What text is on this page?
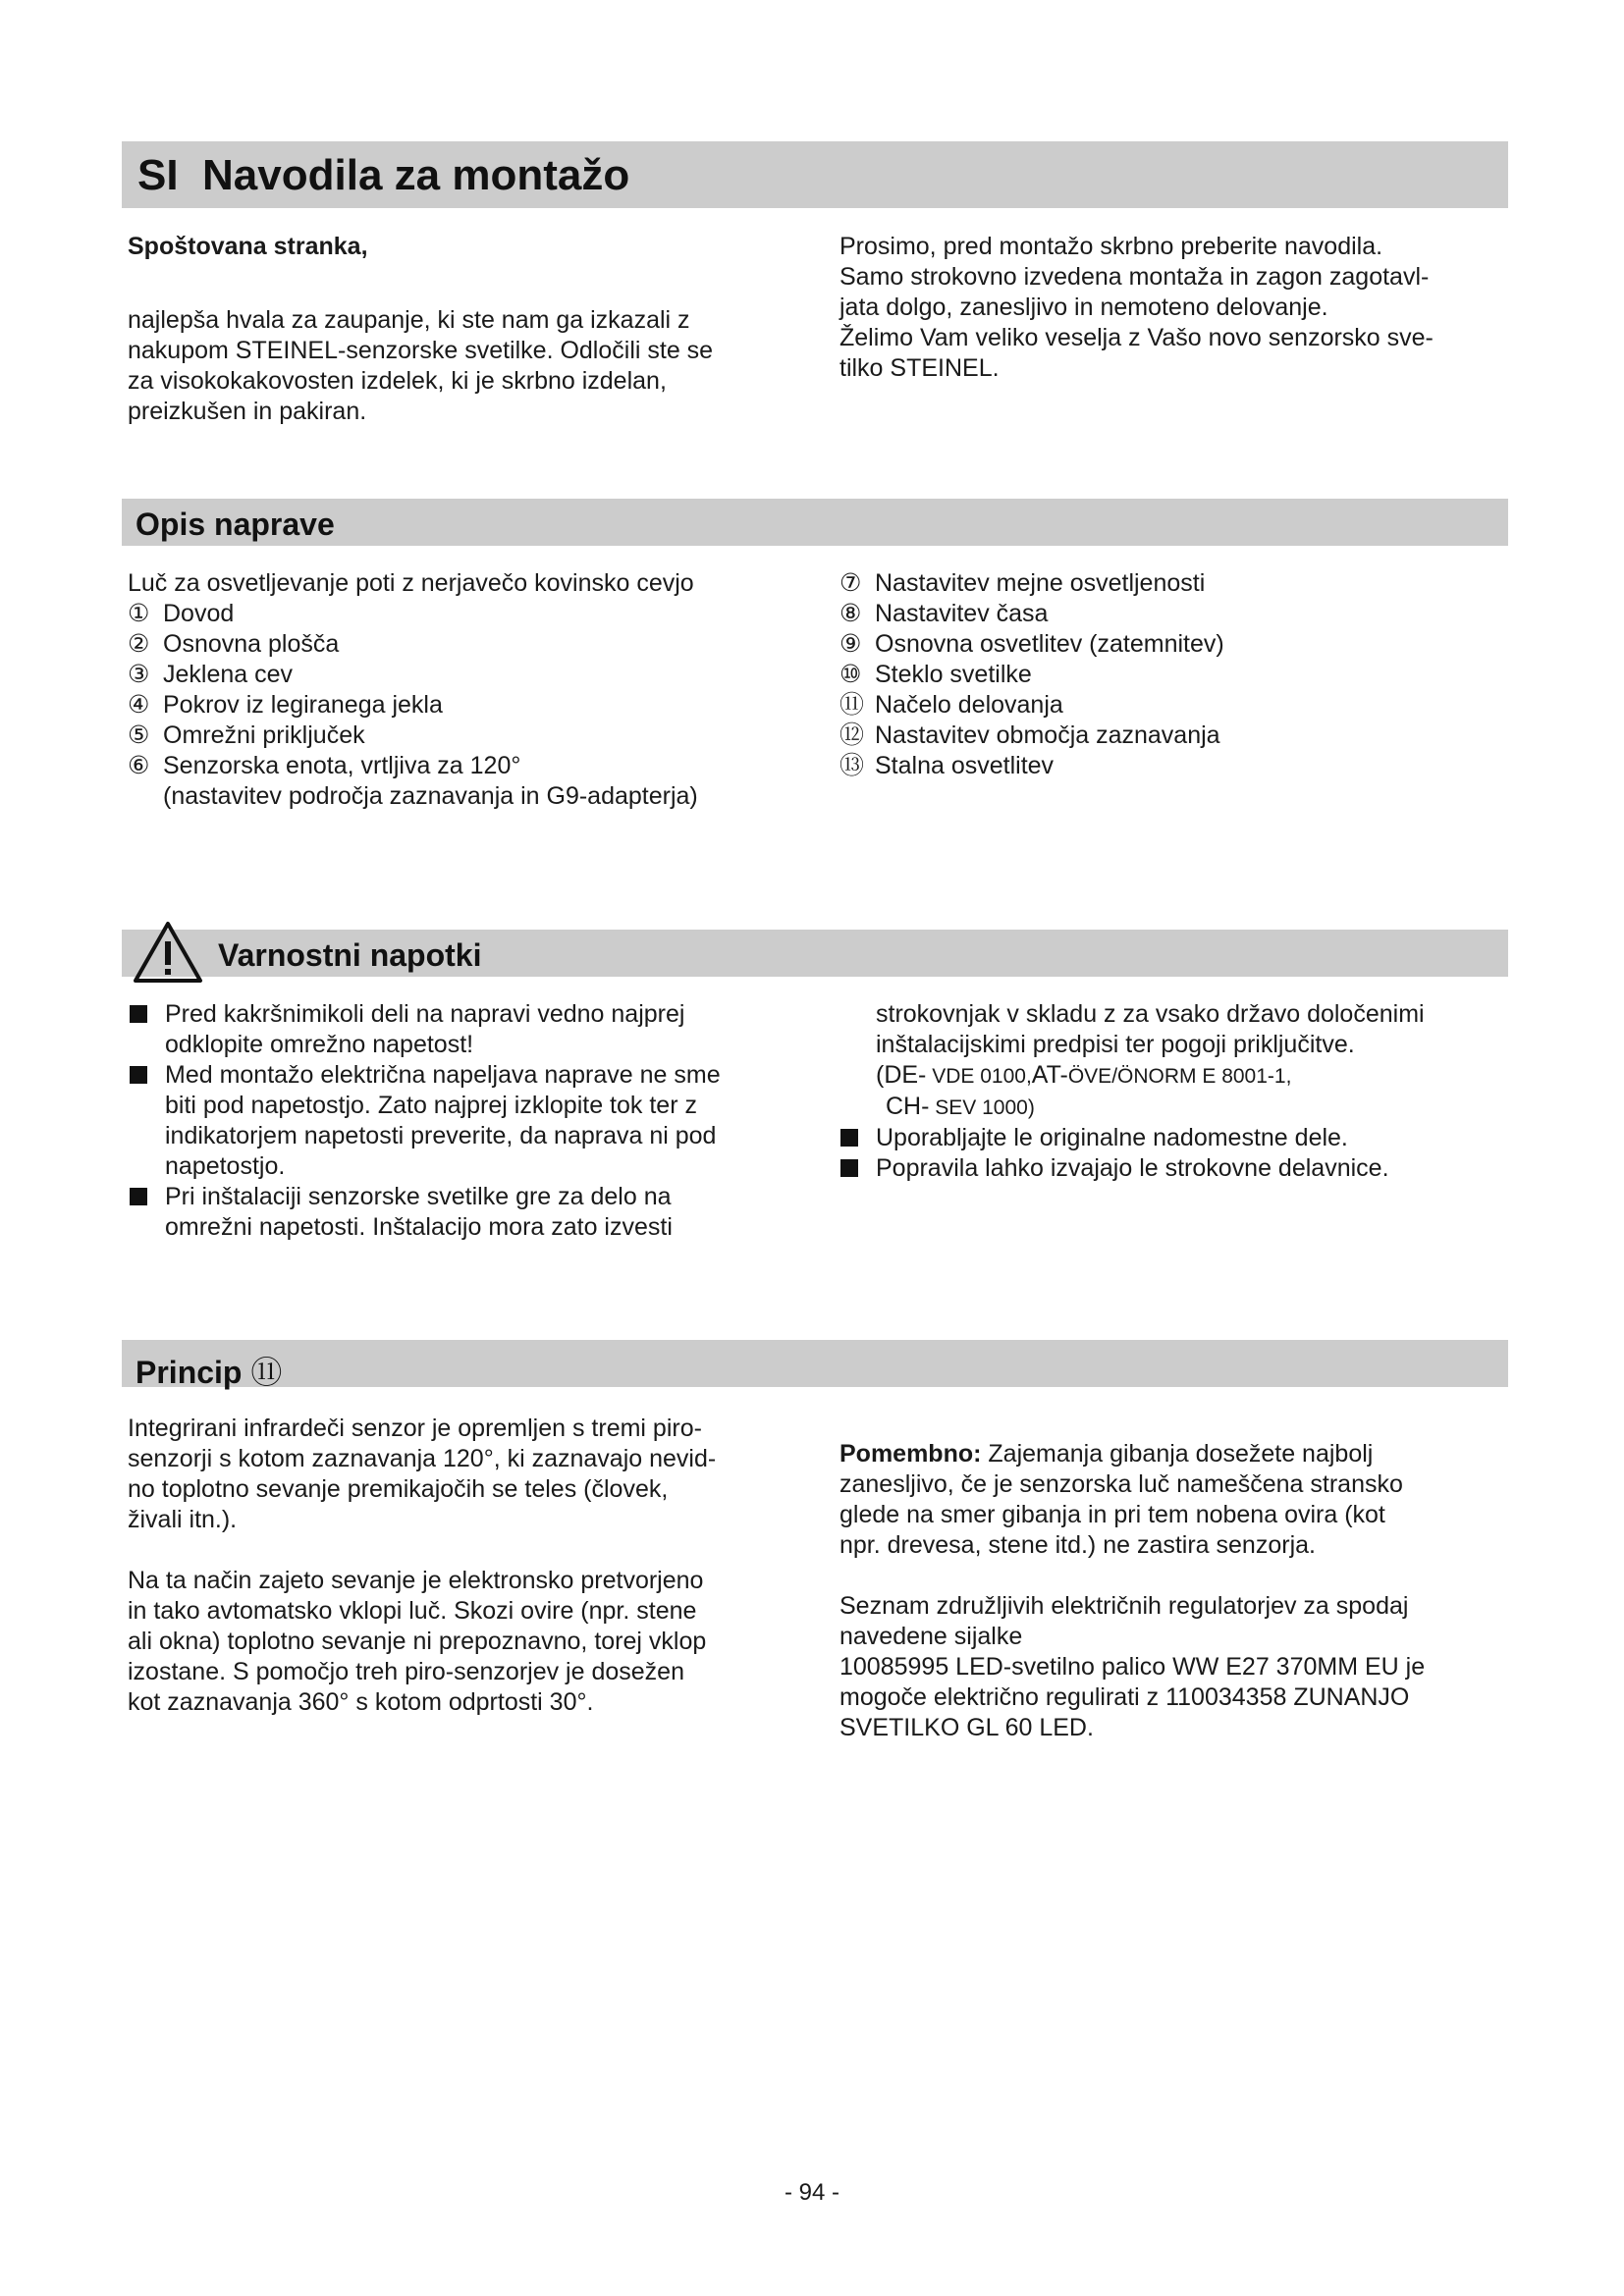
SI Navodila za montažo
Spoštovana stranka,
najlepša hvala za zaupanje, ki ste nam ga izkazali z
nakupom STEINEL-senzorske svetilke. Odločili ste se
za visokokakovosten izdelek, ki je skrbno izdelan,
preizkušen in pakiran.
Prosimo, pred montažo skrbno preberite navodila.
Samo strokovno izvedena montaža in zagon zagotavl-
jata dolgo, zanesljivo in nemoteno delovanje.
Želimo Vam veliko veselja z Vašo novo senzorsko sve-
tilko STEINEL.
Opis naprave
Luč za osvetljevanje poti z nerjavečo kovinsko cevjo
① Dovod
② Osnovna plošča
③ Jeklena cev
④ Pokrov iz legiranega jekla
⑤ Omrežni priključek
⑥ Senzorska enota, vrtljiva za 120°
(nastavitev področja zaznavanja in G9-adapterja)
⑦ Nastavitev mejne osvetljenosti
⑧ Nastavitev časa
⑨ Osnovna osvetlitev (zatemnitev)
⑩ Steklo svetilke
⑪ Načelo delovanja
⑫ Nastavitev območja zaznavanja
⑬ Stalna osvetlitev
Varnostni napotki
Pred kakršnimikoli deli na napravi vedno najprej
odklopite omrežno napetost!
Med montažo električna napeljava naprave ne sme
biti pod napetostjo. Zato najprej izklopite tok ter z
indikatorjem napetosti preverite, da naprava ni pod
napetostjo.
Pri inštalaciji senzorske svetilke gre za delo na
omrežni napetosti. Inštalacijo mora zato izvesti
strokovnjak v skladu z za vsako državo določenimi
inštalacijskimi predpisi ter pogoji priključitve.
(DE- VDE 0100,AT-ÖVE/ÖNORM E 8001-1,
CH- SEV 1000)
Uporabljajte le originalne nadomestne dele.
Popravila lahko izvajajo le strokovne delavnice.
Princip ⑪
Integrirani infrardeči senzor je opremljen s tremi piro-
senzorji s kotom zaznavanja 120°, ki zaznavajo nevid-
no toplotno sevanje premikajočih se teles (človek,
živali itn.).
Na ta način zajeto sevanje je elektronsko pretvorjeno
in tako avtomatsko vklopi luč. Skozi ovire (npr. stene
ali okna) toplotno sevanje ni prepoznavno, torej vklop
izostane. S pomočjo treh piro-senzorjev je dosežen
kot zaznavanja 360° s kotom odprtosti 30°.
Pomembno: Zajemanja gibanja dosežete najbolj
zanesljivo, če je senzorska luč nameščena stransko
glede na smer gibanja in pri tem nobena ovira (kot
npr. drevesa, stene itd.) ne zastira senzorja.
Seznam združljivih električnih regulatorjev za spodaj
navedene sijalke
10085995 LED-svetilno palico WW E27 370MM EU je
mogoče električno regulirati z 110034358 ZUNANJO
SVETILKO GL 60 LED.
- 94 -
